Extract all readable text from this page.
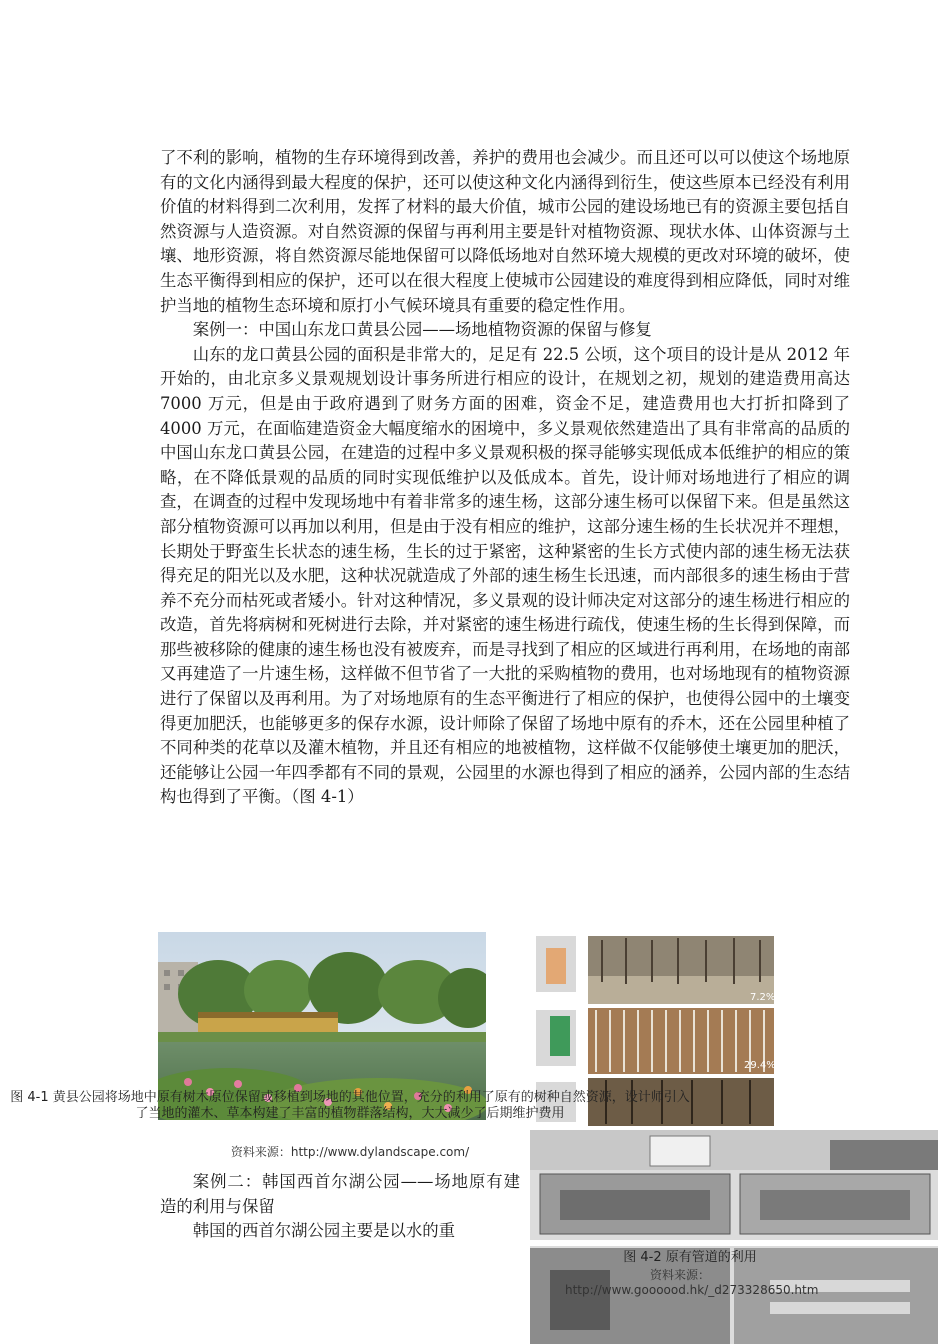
了不利的影响，植物的生存环境得到改善，养护的费用也会减少。而且还可以可以使这个场地原有的文化内涵得到最大程度的保护，还可以使这种文化内涵得到衍生，使这些原本已经没有利用价值的材料得到二次利用，发挥了材料的最大价值，城市公园的建设场地已有的资源主要包括自然资源与人造资源。对自然资源的保留与再利用主要是针对植物资源、现状水体、山体资源与土壤、地形资源，将自然资源尽能地保留可以降低场地对自然环境大规模的更改对环境的破坏，使生态平衡得到相应的保护，还可以在很大程度上使城市公园建设的难度得到相应降低，同时对维护当地的植物生态环境和原打小气候环境具有重要的稳定性作用。

案例一：中国山东龙口黄县公园——场地植物资源的保留与修复

山东的龙口黄县公园的面积是非常大的，足足有 22.5 公顷，这个项目的设计是从 2012 年开始的，由北京多义景观规划设计事务所进行相应的设计，在规划之初，规划的建造费用高达 7000 万元，但是由于政府遇到了财务方面的困难，资金不足，建造费用也大打折扣降到了 4000 万元，在面临建造资金大幅度缩水的困境中，多义景观依然建造出了具有非常高的品质的中国山东龙口黄县公园，在建造的过程中多义景观积极的探寻能够实现低成本低维护的相应的策略，在不降低景观的品质的同时实现低维护以及低成本。首先，设计师对场地进行了相应的调查，在调查的过程中发现场地中有着非常多的速生杨，这部分速生杨可以保留下来。但是虽然这部分植物资源可以再加以利用，但是由于没有相应的维护，这部分速生杨的生长状况并不理想，长期处于野蛮生长状态的速生杨，生长的过于紧密，这种紧密的生长方式使内部的速生杨无法获得充足的阳光以及水肥，这种状况就造成了外部的速生杨生长迅速，而内部很多的速生杨由于营养不充分而枯死或者矮小。针对这种情况，多义景观的设计师决定对这部分的速生杨进行相应的改造，首先将病树和死树进行去除，并对紧密的速生杨进行疏伐，使速生杨的生长得到保障，而那些被移除的健康的速生杨也没有被废弃，而是寻找到了相应的区域进行再利用，在场地的南部又再建造了一片速生杨，这样做不但节省了一大批的采购植物的费用，也对场地现有的植物资源进行了保留以及再利用。为了对场地原有的生态平衡进行了相应的保护，也使得公园中的土壤变得更加肥沃，也能够更多的保存水源，设计师除了保留了场地中原有的乔木，还在公园里种植了不同种类的花草以及灌木植物，并且还有相应的地被植物，这样做不仅能够使土壤更加的肥沃，还能够让公园一年四季都有不同的景观，公园里的水源也得到了相应的涵养，公园内部的生态结构也得到了平衡。（图 4-1）

7.2%
29.4%
图 4-1 黄县公园将场地中原有树木原位保留或移植到场地的其他位置，充分的利用了原有的树种自然资源，设计师引入了当地的灌木、草本构建了丰富的植物群落结构，大大减少了后期维护费用
资料来源：http://www.dylandscape.com/
图 4-2 原有管道的利用
资料来源：http://www.goooood.hk/_d273328650.htm

案例二：韩国西首尔湖公园——场地原有建造的利用与保留

韩国的西首尔湖公园主要是以水的重
